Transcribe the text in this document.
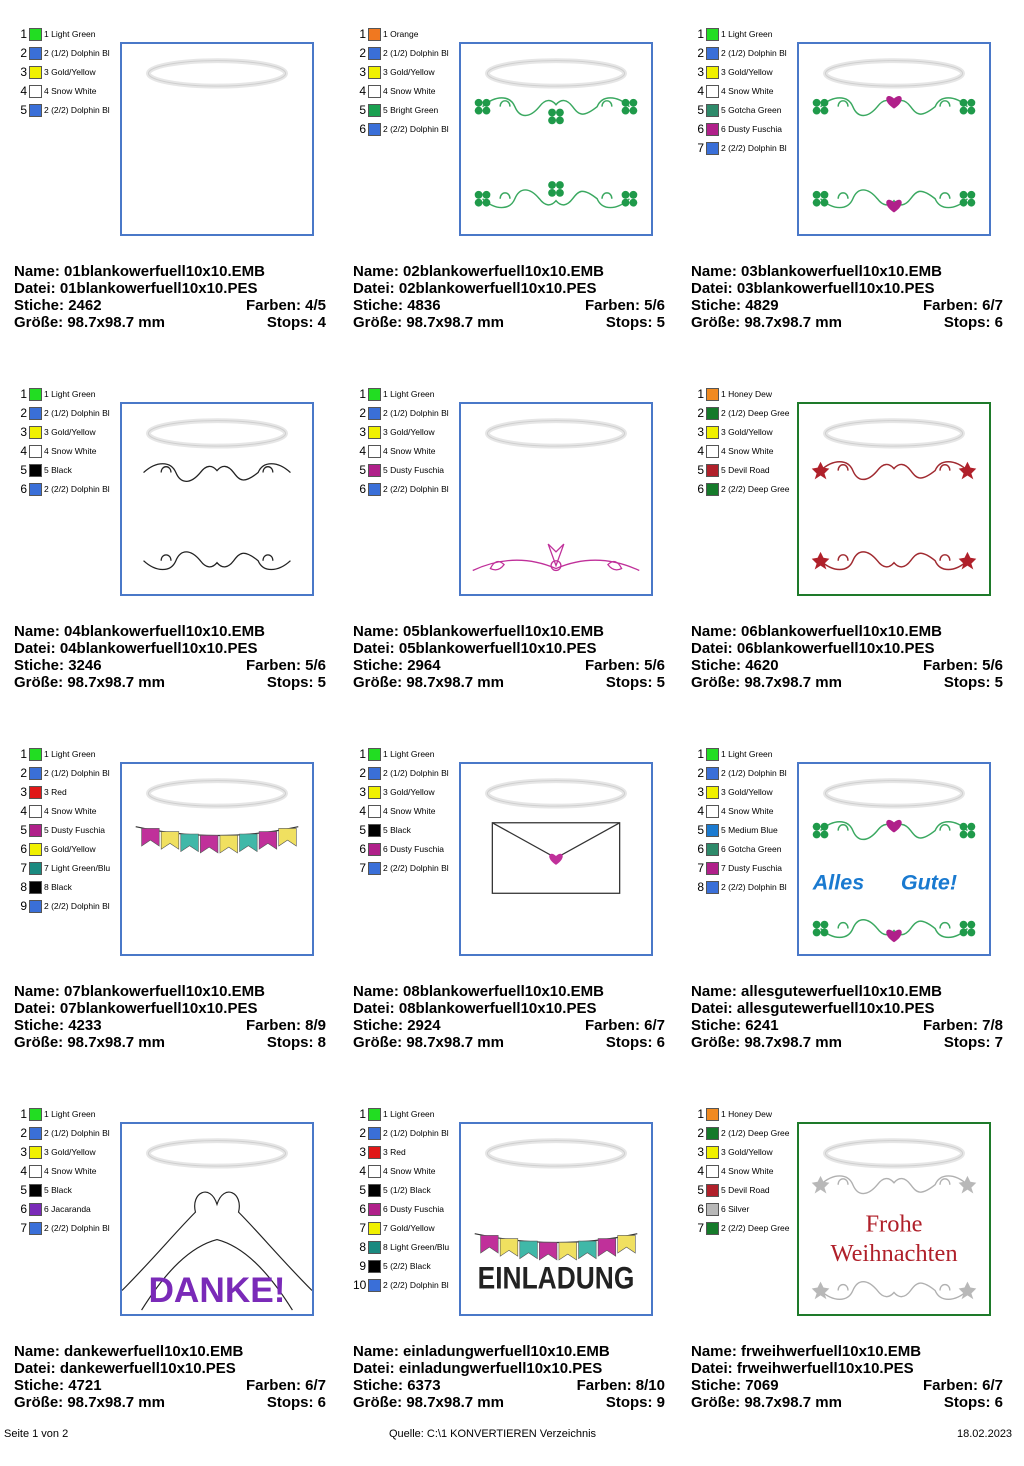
1 1 Light Green
2 2 (1/2) Dolphin Bl
3 3 Gold/Yellow
4 4 Snow White
5 2 (2/2) Dolphin Bl
Name: 01blankowerfuell10x10.EMB
Datei: 01blankowerfuell10x10.PES
Stiche: 2462	Farben: 4/5
Größe: 98.7x98.7 mm	Stops: 4
1 1 Orange
2 2 (1/2) Dolphin Bl
3 3 Gold/Yellow
4 4 Snow White
5 5 Bright Green
6 2 (2/2) Dolphin Bl
Name: 02blankowerfuell10x10.EMB
Datei: 02blankowerfuell10x10.PES
Stiche: 4836	Farben: 5/6
Größe: 98.7x98.7 mm	Stops: 5
1 1 Light Green
2 2 (1/2) Dolphin Bl
3 3 Gold/Yellow
4 4 Snow White
5 5 Gotcha Green
6 6 Dusty Fuschia
7 2 (2/2) Dolphin Bl
Name: 03blankowerfuell10x10.EMB
Datei: 03blankowerfuell10x10.PES
Stiche: 4829	Farben: 6/7
Größe: 98.7x98.7 mm	Stops: 6
1 1 Light Green
2 2 (1/2) Dolphin Bl
3 3 Gold/Yellow
4 4 Snow White
5 5 Black
6 2 (2/2) Dolphin Bl
Name: 04blankowerfuell10x10.EMB
Datei: 04blankowerfuell10x10.PES
Stiche: 3246	Farben: 5/6
Größe: 98.7x98.7 mm	Stops: 5
1 1 Light Green
2 2 (1/2) Dolphin Bl
3 3 Gold/Yellow
4 4 Snow White
5 5 Dusty Fuschia
6 2 (2/2) Dolphin Bl
Name: 05blankowerfuell10x10.EMB
Datei: 05blankowerfuell10x10.PES
Stiche: 2964	Farben: 5/6
Größe: 98.7x98.7 mm	Stops: 5
1 1 Honey Dew
2 2 (1/2) Deep Gree
3 3 Gold/Yellow
4 4 Snow White
5 5 Devil Road
6 2 (2/2) Deep Gree
Name: 06blankowerfuell10x10.EMB
Datei: 06blankowerfuell10x10.PES
Stiche: 4620	Farben: 5/6
Größe: 98.7x98.7 mm	Stops: 5
1 1 Light Green
2 2 (1/2) Dolphin Bl
3 3 Red
4 4 Snow White
5 5 Dusty Fuschia
6 6 Gold/Yellow
7 7 Light Green/Blu
8 8 Black
9 2 (2/2) Dolphin Bl
Name: 07blankowerfuell10x10.EMB
Datei: 07blankowerfuell10x10.PES
Stiche: 4233	Farben: 8/9
Größe: 98.7x98.7 mm	Stops: 8
1 1 Light Green
2 2 (1/2) Dolphin Bl
3 3 Gold/Yellow
4 4 Snow White
5 5 Black
6 6 Dusty Fuschia
7 2 (2/2) Dolphin Bl
Name: 08blankowerfuell10x10.EMB
Datei: 08blankowerfuell10x10.PES
Stiche: 2924	Farben: 6/7
Größe: 98.7x98.7 mm	Stops: 6
1 1 Light Green
2 2 (1/2) Dolphin Bl
3 3 Gold/Yellow
4 4 Snow White
5 5 Medium Blue
6 6 Gotcha Green
7 7 Dusty Fuschia
8 2 (2/2) Dolphin Bl	Alles Gute!
Name: allesgutewerfuell10x10.EMB
Datei: allesgutewerfuell10x10.PES
Stiche: 6241	Farben: 7/8
Größe: 98.7x98.7 mm	Stops: 7
1 1 Light Green
2 2 (1/2) Dolphin Bl
3 3 Gold/Yellow
4 4 Snow White
5 5 Black
6 6 Jacaranda
7 2 (2/2) Dolphin Bl
DANKE!
Name: dankewerfuell10x10.EMB
Datei: dankewerfuell10x10.PES
Stiche: 4721	Farben: 6/7
Größe: 98.7x98.7 mm	Stops: 6
1 1 Light Green
2 2 (1/2) Dolphin Bl
3 3 Red
4 4 Snow White
5 5 (1/2) Black
6 6 Dusty Fuschia
7 7 Gold/Yellow
8 8 Light Green/Blu
9 5 (2/2) Black
10 2 (2/2) Dolphin Bl EINLADUNG
Name: einladungwerfuell10x10.EMB
Datei: einladungwerfuell10x10.PES
Stiche: 6373	Farben: 8/10
Größe: 98.7x98.7 mm	Stops: 9
1 1 Honey Dew
2 2 (1/2) Deep Gree
3 3 Gold/Yellow
4 4 Snow White
5 5 Devil Road
6 6 Silver
7 2 (2/2) Deep Gree	Frohe
Weihnachten
Name: frweihwerfuell10x10.EMB
Datei: frweihwerfuell10x10.PES
Stiche: 7069	Farben: 6/7
Größe: 98.7x98.7 mm	Stops: 6
Seite 1 von 2	Quelle: C:\1 KONVERTIEREN Verzeichnis	18.02.2023
